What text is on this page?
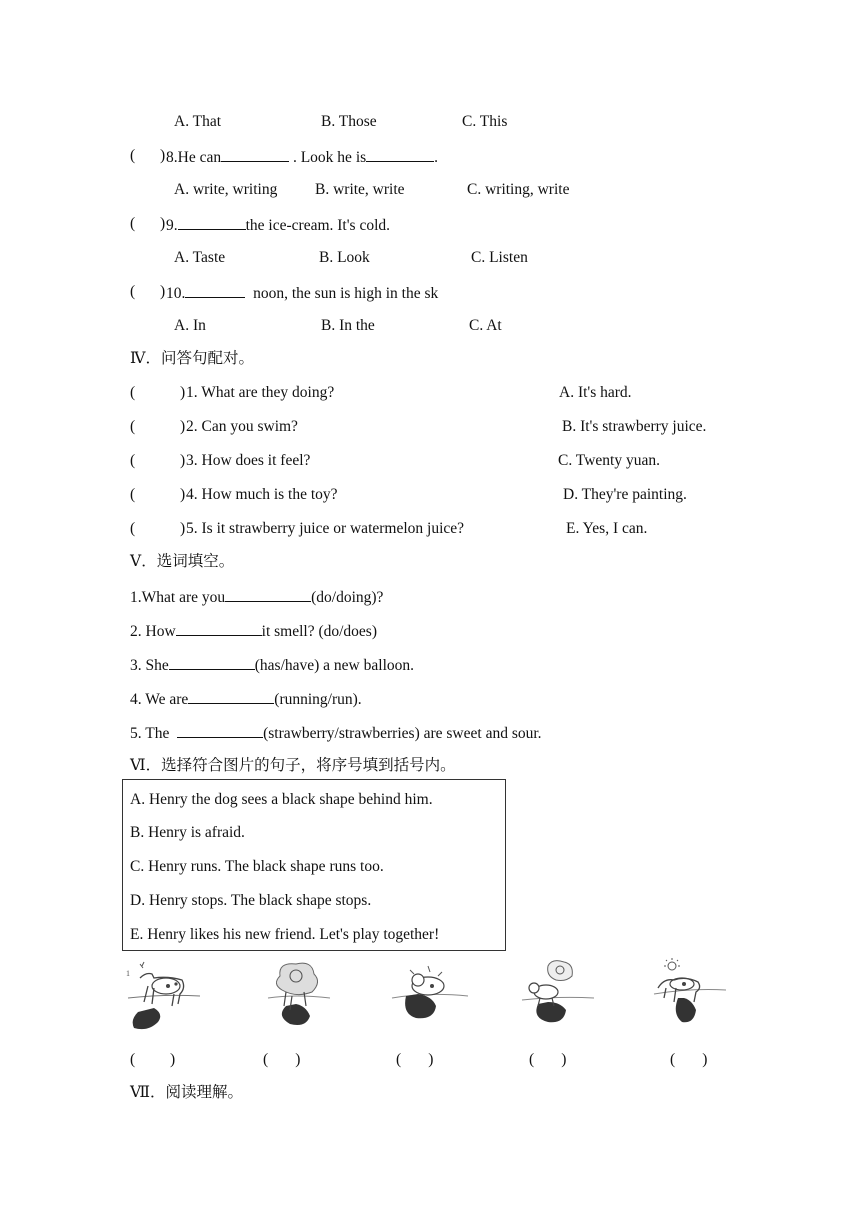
A. That	B. Those	C. This
( 8.He can	. Look he is	.
)
A. write, writing B. write, write	C. writing, write
( ) 9.	the ice-cream. It's cold.
A. Taste	B. Look	C. Listen
( ) 10.	noon, the sun is high in the sk
A. In	B. In the	C. At
Ⅳ．问答句配对。
(	) 1. What are they doing?	A. It's hard.
(	) 2. Can you swim?	B. It's strawberry juice.
(	) 3. How does it feel?	C. Twenty yuan.
(	) 4. How much is the toy?	D. They're painting.
(	) 5. Is it strawberry juice or watermelon juice?	E. Yes, I can.
Ⅴ．选词填空。
1.What are you	(do/doing)?
2. How	it smell? (do/does)
3. She	(has/have) a new balloon.
4. We are	(running/run).
5. The	(strawberry/strawberries) are sweet and sour.
Ⅵ．选择符合图片的句子，将序号填到括号内。
A. Henry the dog sees a black shape behind him.
B. Henry is afraid.
C. Henry runs. The black shape runs too.
D. Henry stops. The black shape stops.
E. Henry likes his new friend. Let's play together!
1
(         )	(       )	(       )	(       )	(       )
Ⅶ．阅读理解。
